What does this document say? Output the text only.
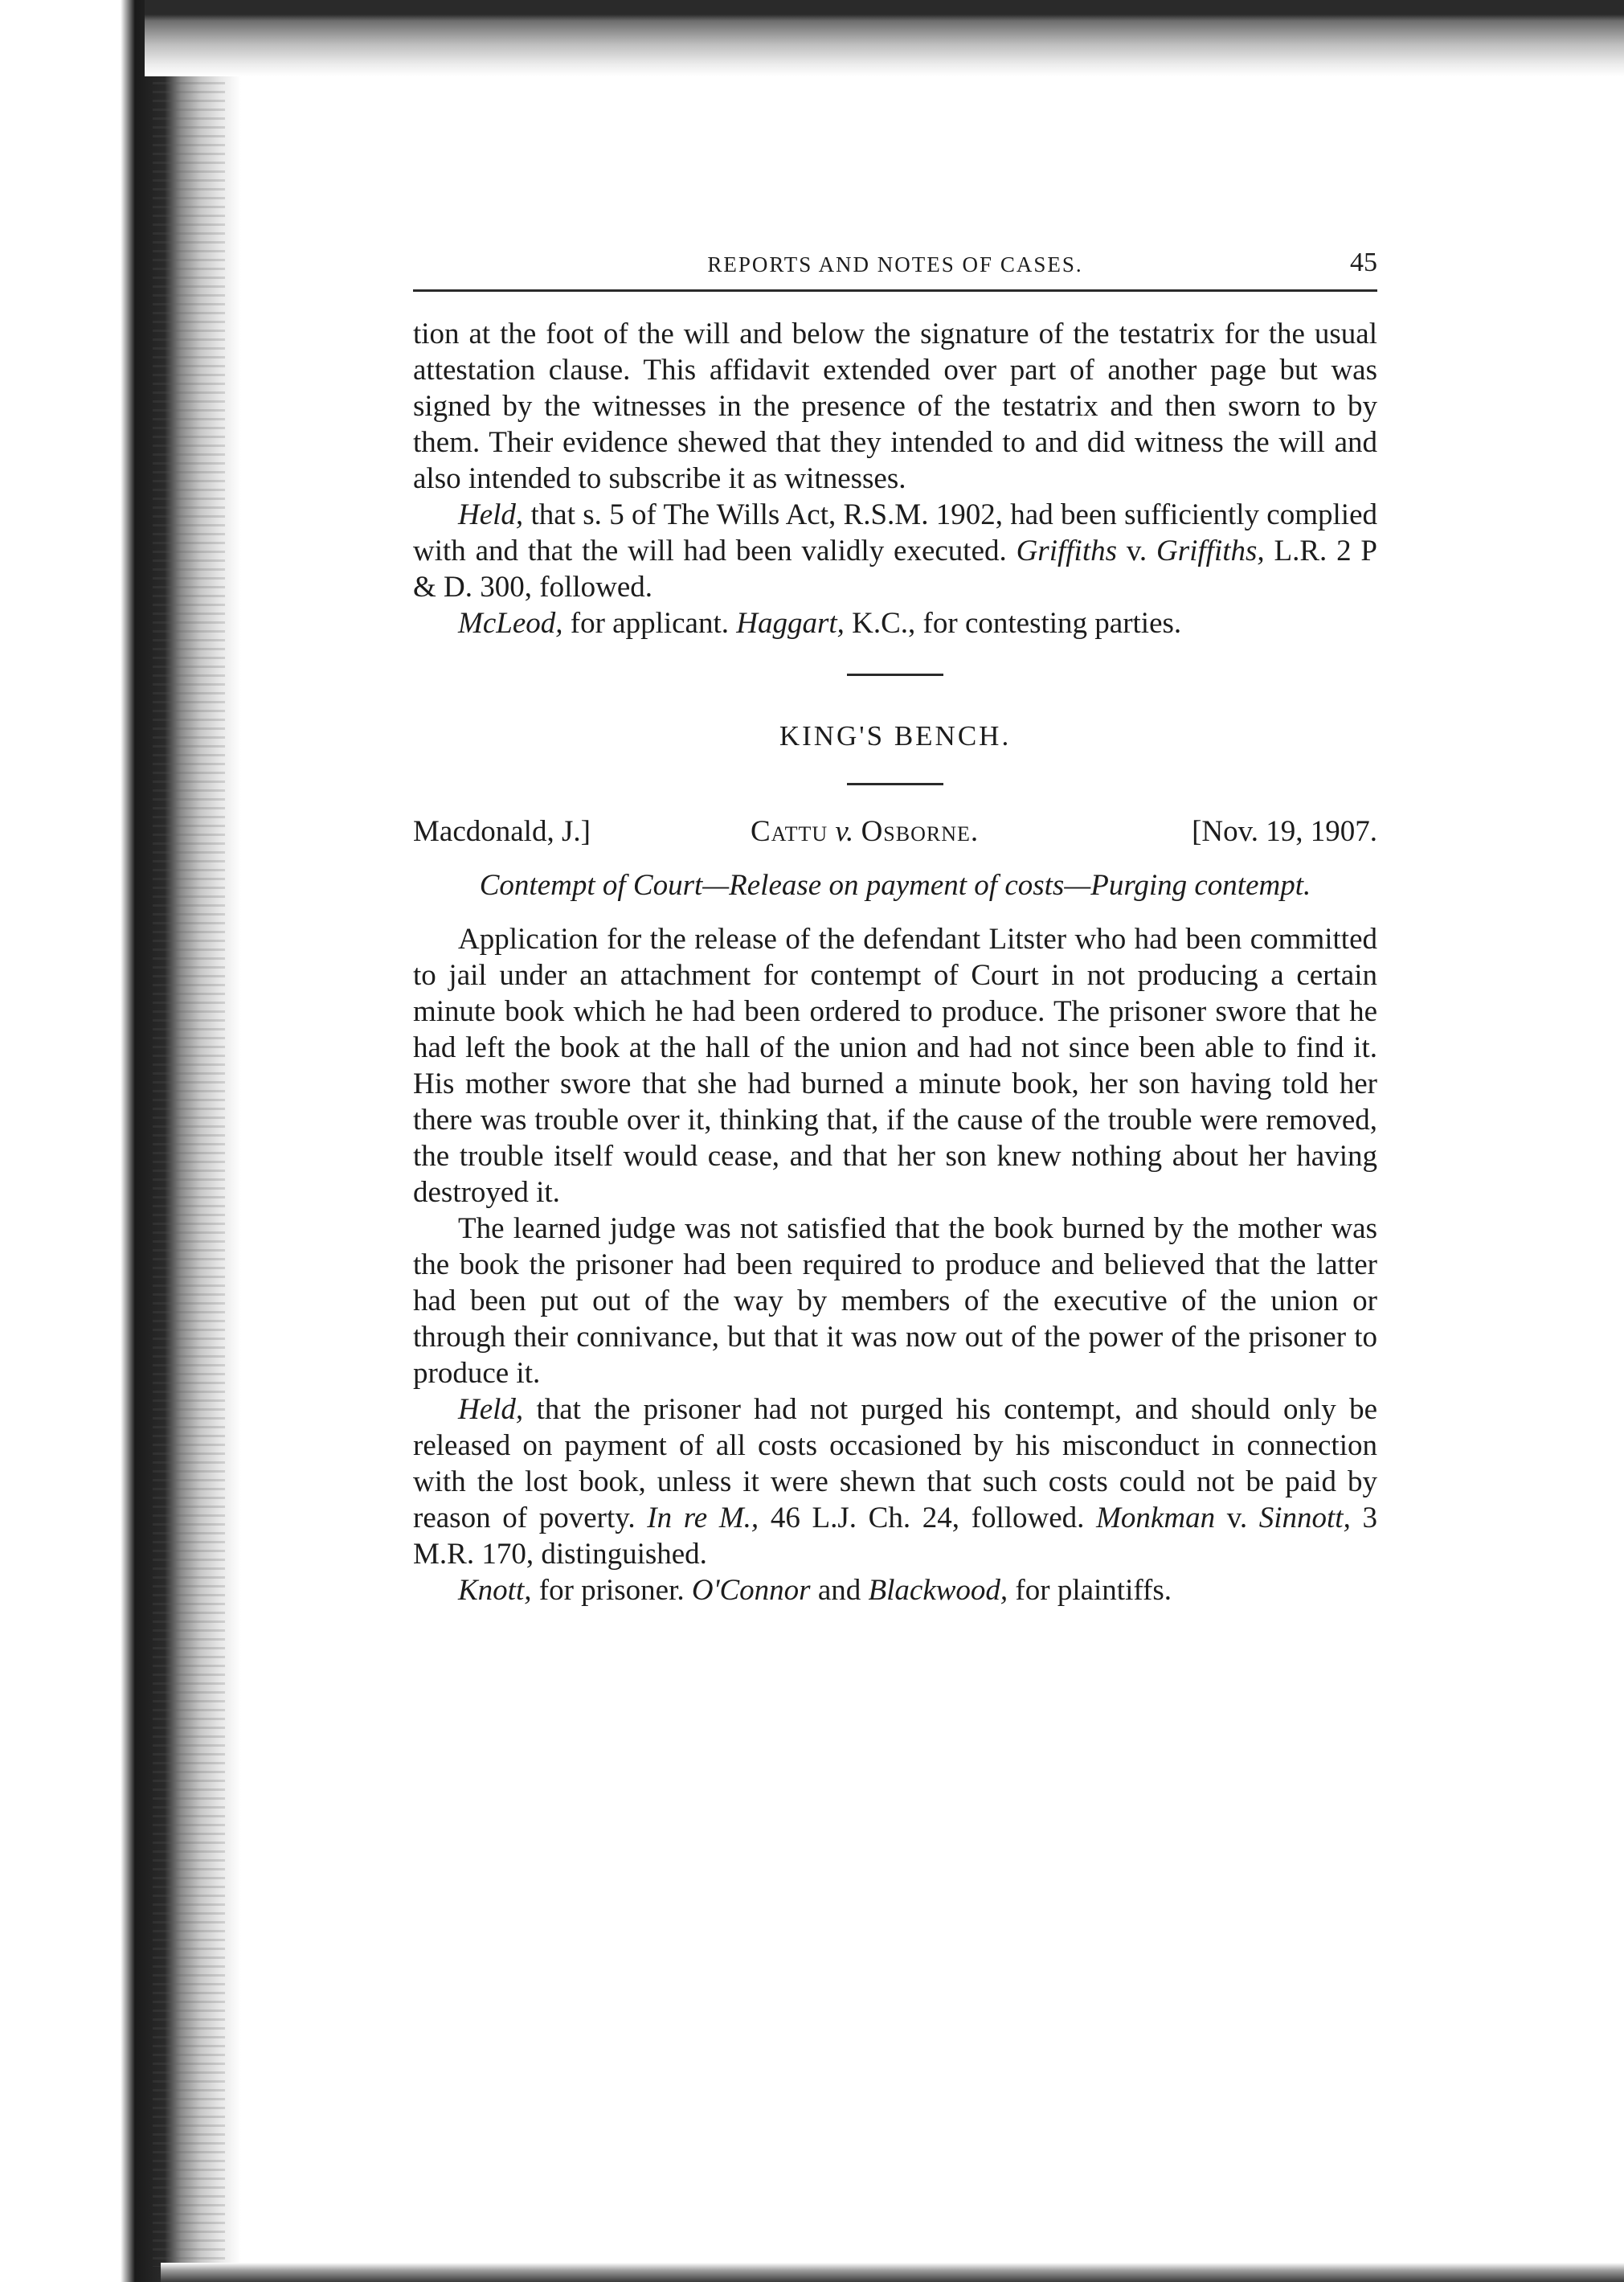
REPORTS AND NOTES OF CASES.	45

tion at the foot of the will and below the signature of the testatrix for the usual attestation clause. This affidavit extended over part of another page but was signed by the witnesses in the presence of the testatrix and then sworn to by them. Their evidence shewed that they intended to and did witness the will and also intended to subscribe it as witnesses.

Held, that s. 5 of The Wills Act, R.S.M. 1902, had been sufficiently complied with and that the will had been validly executed. Griffiths v. Griffiths, L.R. 2 P & D. 300, followed.

McLeod, for applicant. Haggart, K.C., for contesting parties.

KING'S BENCH.
Macdonald, J.]	Cattu v. Osborne.	[Nov. 19, 1907.
Contempt of Court—Release on payment of costs—Purging contempt.

Application for the release of the defendant Litster who had been committed to jail under an attachment for contempt of Court in not producing a certain minute book which he had been ordered to produce. The prisoner swore that he had left the book at the hall of the union and had not since been able to find it. His mother swore that she had burned a minute book, her son having told her there was trouble over it, thinking that, if the cause of the trouble were removed, the trouble itself would cease, and that her son knew nothing about her having destroyed it.

The learned judge was not satisfied that the book burned by the mother was the book the prisoner had been required to produce and believed that the latter had been put out of the way by members of the executive of the union or through their connivance, but that it was now out of the power of the prisoner to produce it.

Held, that the prisoner had not purged his contempt, and should only be released on payment of all costs occasioned by his misconduct in connection with the lost book, unless it were shewn that such costs could not be paid by reason of poverty. In re M., 46 L.J. Ch. 24, followed. Monkman v. Sinnott, 3 M.R. 170, distinguished.

Knott, for prisoner. O'Connor and Blackwood, for plaintiffs.
